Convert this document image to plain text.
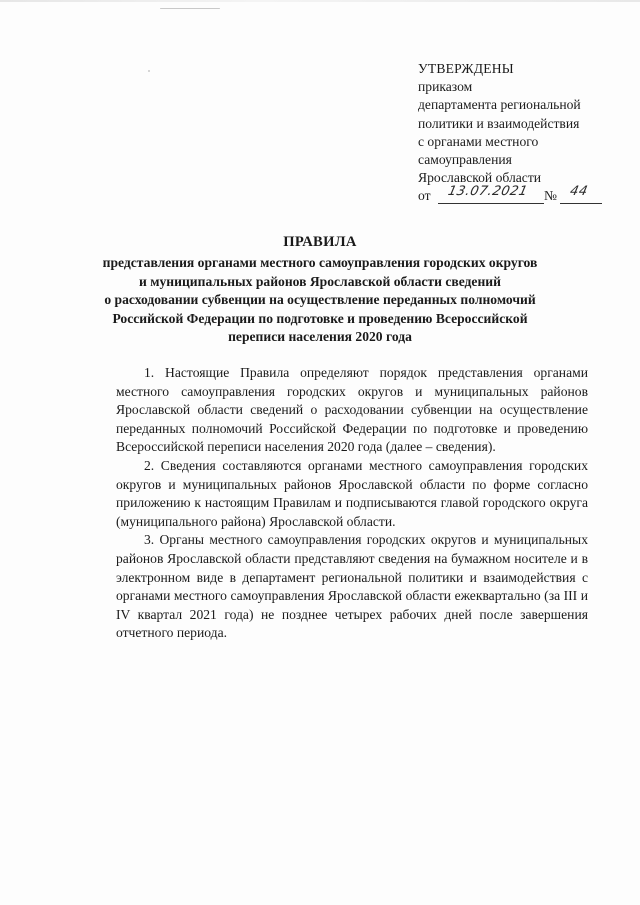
УТВЕРЖДЕНЫ
приказом
департамента региональной
политики и взаимодействия
с органами местного
самоуправления
Ярославской области
от 13.07.2021 № 44
ПРАВИЛА
представления органами местного самоуправления городских округов
и муниципальных районов Ярославской области сведений
о расходовании субвенции на осуществление переданных полномочий
Российской Федерации по подготовке и проведению Всероссийской
переписи населения 2020 года

1. Настоящие Правила определяют порядок представления органами местного самоуправления городских округов и муниципальных районов Ярославской области сведений о расходовании субвенции на осуществление переданных полномочий Российской Федерации по подготовке и проведению Всероссийской переписи населения 2020 года (далее – сведения).

2. Сведения составляются органами местного самоуправления городских округов и муниципальных районов Ярославской области по форме согласно приложению к настоящим Правилам и подписываются главой городского округа (муниципального района) Ярославской области.

3. Органы местного самоуправления городских округов и муниципальных районов Ярославской области представляют сведения на бумажном носителе и в электронном виде в департамент региональной политики и взаимодействия с органами местного самоуправления Ярославской области ежеквартально (за III и IV квартал 2021 года) не позднее четырех рабочих дней после завершения отчетного периода.
